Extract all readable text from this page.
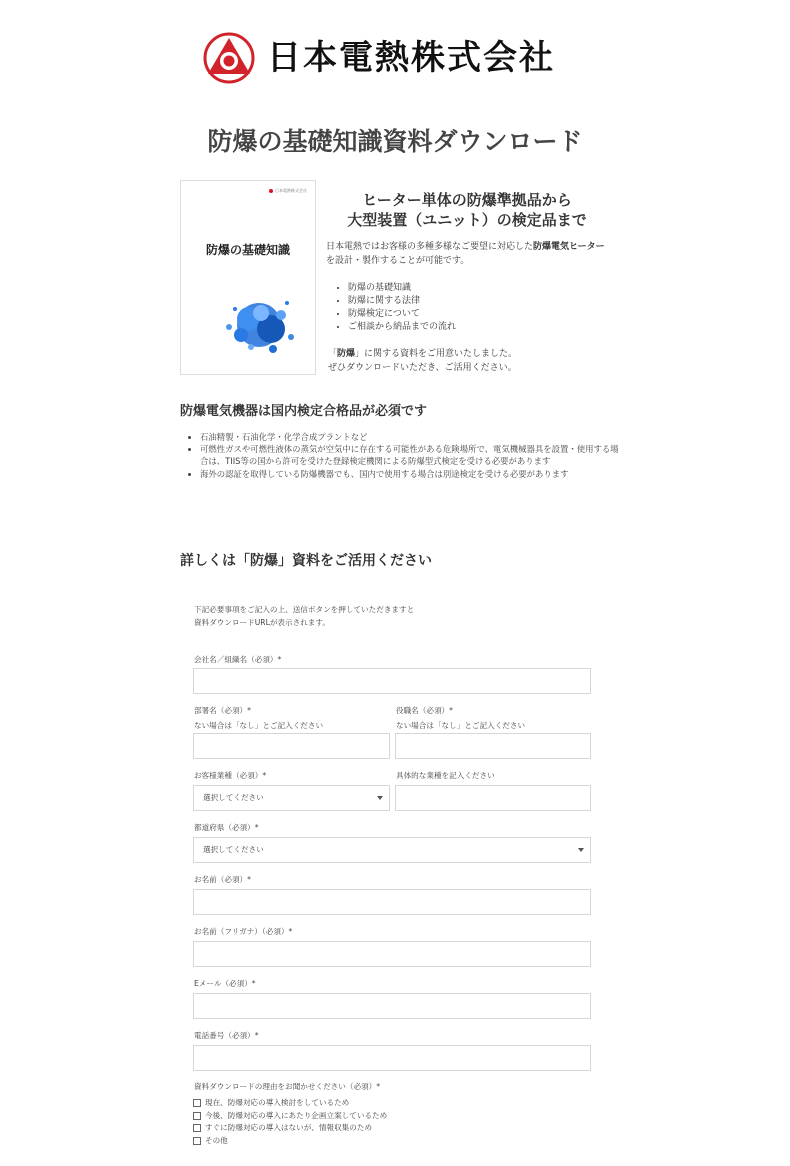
日本電熱株式会社
防爆の基礎知識資料ダウンロード
日本電熱株式会社
防爆の基礎知識
ヒーター単体の防爆準拠品から
大型装置（ユニット）の検定品まで
日本電熱ではお客様の多種多様なご要望に対応した防爆電気ヒーターを設計・製作することが可能です。
• 防爆の基礎知識
• 防爆に関する法律
• 防爆検定について
• ご相談から納品までの流れ
「防爆」に関する資料をご用意いたしました。
ぜひダウンロードいただき、ご活用ください。
防爆電気機器は国内検定合格品が必須です
• 石油精製・石油化学・化学合成プラントなど
• 可燃性ガスや可燃性液体の蒸気が空気中に存在する可能性がある危険場所で、電気機械器具を設置・使用する場合は、TIIS等の国から許可を受けた登録検定機関による防爆型式検定を受ける必要があります
• 海外の認証を取得している防爆機器でも、国内で使用する場合は別途検定を受ける必要があります
詳しくは「防爆」資料をご活用ください
下記必要事項をご記入の上、送信ボタンを押していただきますと
資料ダウンロードURLが表示されます。
会社名／組織名（必須）*
部署名（必須）*
ない場合は「なし」とご記入ください
役職名（必須）*
ない場合は「なし」とご記入ください
お客様業種（必須）*
選択してください
具体的な業種を記入ください
都道府県（必須）*
選択してください
お名前（必須）*
お名前（フリガナ）（必須）*
Eメール（必須）*
電話番号（必須）*
資料ダウンロードの理由をお聞かせください（必須）*
現在、防爆対応の導入検討をしているため
今後、防爆対応の導入にあたり企画立案しているため
すぐに防爆対応の導入はないが、情報収集のため
その他
